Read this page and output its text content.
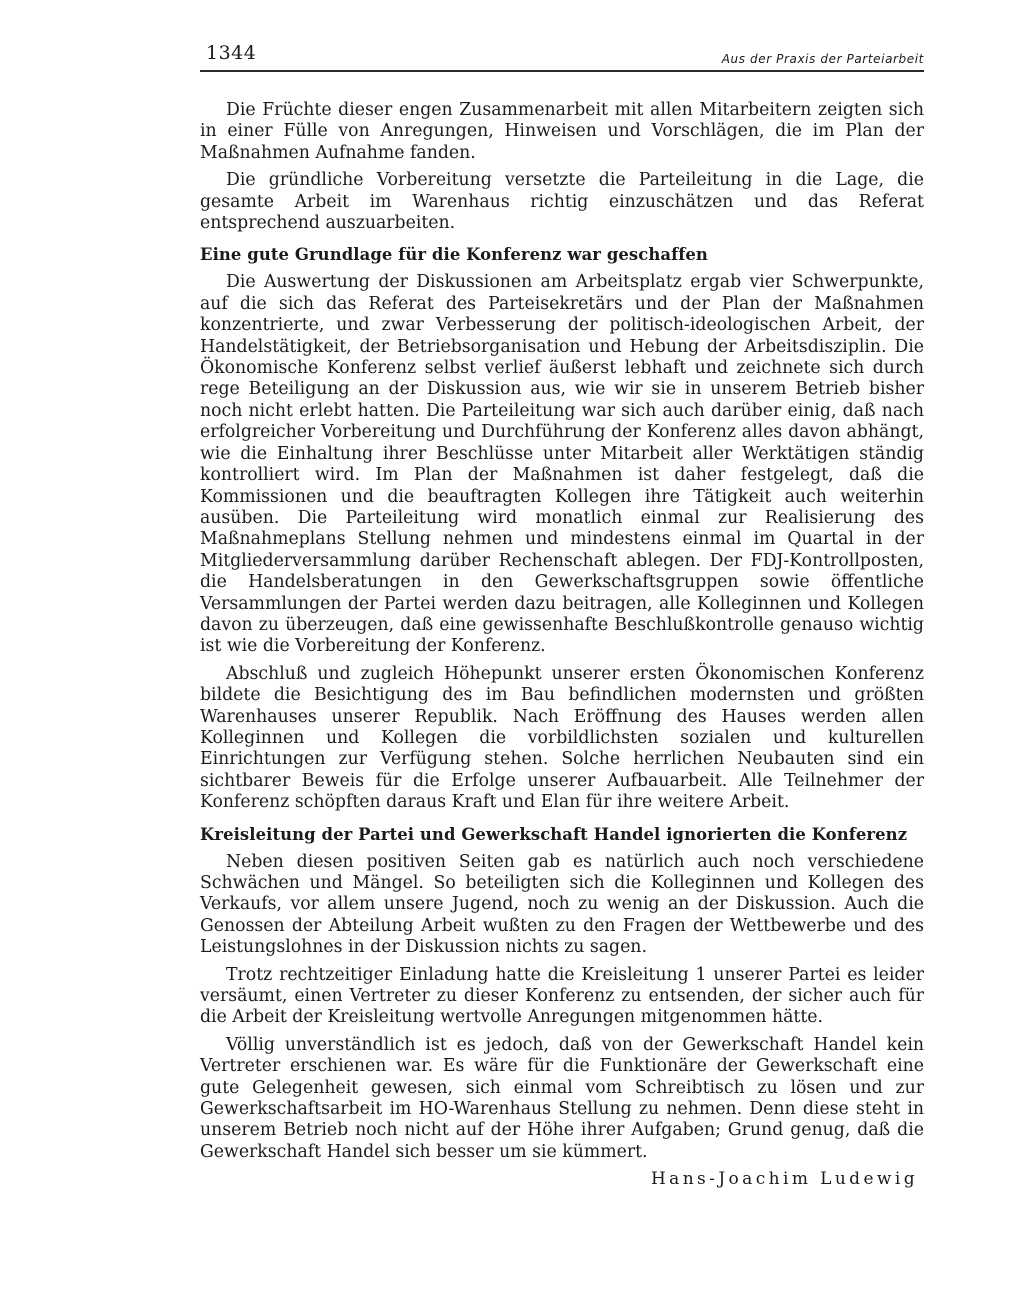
1344	Aus der Praxis der Parteiarbeit

Die Früchte dieser engen Zusammenarbeit mit allen Mitarbeitern zeigten sich in einer Fülle von Anregungen, Hinweisen und Vorschlägen, die im Plan der Maßnahmen Aufnahme fanden.

Die gründliche Vorbereitung versetzte die Parteileitung in die Lage, die gesamte Arbeit im Warenhaus richtig einzuschätzen und das Referat entsprechend auszuarbeiten.

Eine gute Grundlage für die Konferenz war geschaffen

Die Auswertung der Diskussionen am Arbeitsplatz ergab vier Schwerpunkte, auf die sich das Referat des Parteisekretärs und der Plan der Maßnahmen konzentrierte, und zwar Verbesserung der politisch-ideologischen Arbeit, der Handelstätigkeit, der Betriebsorganisation und Hebung der Arbeitsdisziplin. Die Ökonomische Konferenz selbst verlief äußerst lebhaft und zeichnete sich durch rege Beteiligung an der Diskussion aus, wie wir sie in unserem Betrieb bisher noch nicht erlebt hatten. Die Parteileitung war sich auch darüber einig, daß nach erfolgreicher Vorbereitung und Durchführung der Konferenz alles davon abhängt, wie die Einhaltung ihrer Beschlüsse unter Mitarbeit aller Werktätigen ständig kontrolliert wird. Im Plan der Maßnahmen ist daher festgelegt, daß die Kommissionen und die beauftragten Kollegen ihre Tätigkeit auch weiterhin ausüben. Die Parteileitung wird monatlich einmal zur Realisierung des Maßnahmeplans Stellung nehmen und mindestens einmal im Quartal in der Mitgliederversammlung darüber Rechenschaft ablegen. Der FDJ-Kontrollposten, die Handelsberatungen in den Gewerkschaftsgruppen sowie öffentliche Versammlungen der Partei werden dazu beitragen, alle Kolleginnen und Kollegen davon zu überzeugen, daß eine gewissenhafte Beschlußkontrolle genauso wichtig ist wie die Vorbereitung der Konferenz.

Abschluß und zugleich Höhepunkt unserer ersten Ökonomischen Konferenz bildete die Besichtigung des im Bau befindlichen modernsten und größten Warenhauses unserer Republik. Nach Eröffnung des Hauses werden allen Kolleginnen und Kollegen die vorbildlichsten sozialen und kulturellen Einrichtungen zur Verfügung stehen. Solche herrlichen Neubauten sind ein sichtbarer Beweis für die Erfolge unserer Aufbauarbeit. Alle Teilnehmer der Konferenz schöpften daraus Kraft und Elan für ihre weitere Arbeit.

Kreisleitung der Partei und Gewerkschaft Handel ignorierten die Konferenz

Neben diesen positiven Seiten gab es natürlich auch noch verschiedene Schwächen und Mängel. So beteiligten sich die Kolleginnen und Kollegen des Verkaufs, vor allem unsere Jugend, noch zu wenig an der Diskussion. Auch die Genossen der Abteilung Arbeit wußten zu den Fragen der Wettbewerbe und des Leistungslohnes in der Diskussion nichts zu sagen.

Trotz rechtzeitiger Einladung hatte die Kreisleitung 1 unserer Partei es leider versäumt, einen Vertreter zu dieser Konferenz zu entsenden, der sicher auch für die Arbeit der Kreisleitung wertvolle Anregungen mitgenommen hätte.

Völlig unverständlich ist es jedoch, daß von der Gewerkschaft Handel kein Vertreter erschienen war. Es wäre für die Funktionäre der Gewerkschaft eine gute Gelegenheit gewesen, sich einmal vom Schreibtisch zu lösen und zur Gewerkschaftsarbeit im HO-Warenhaus Stellung zu nehmen. Denn diese steht in unserem Betrieb noch nicht auf der Höhe ihrer Aufgaben; Grund genug, daß die Gewerkschaft Handel sich besser um sie kümmert.

Hans-Joachim Ludewig
